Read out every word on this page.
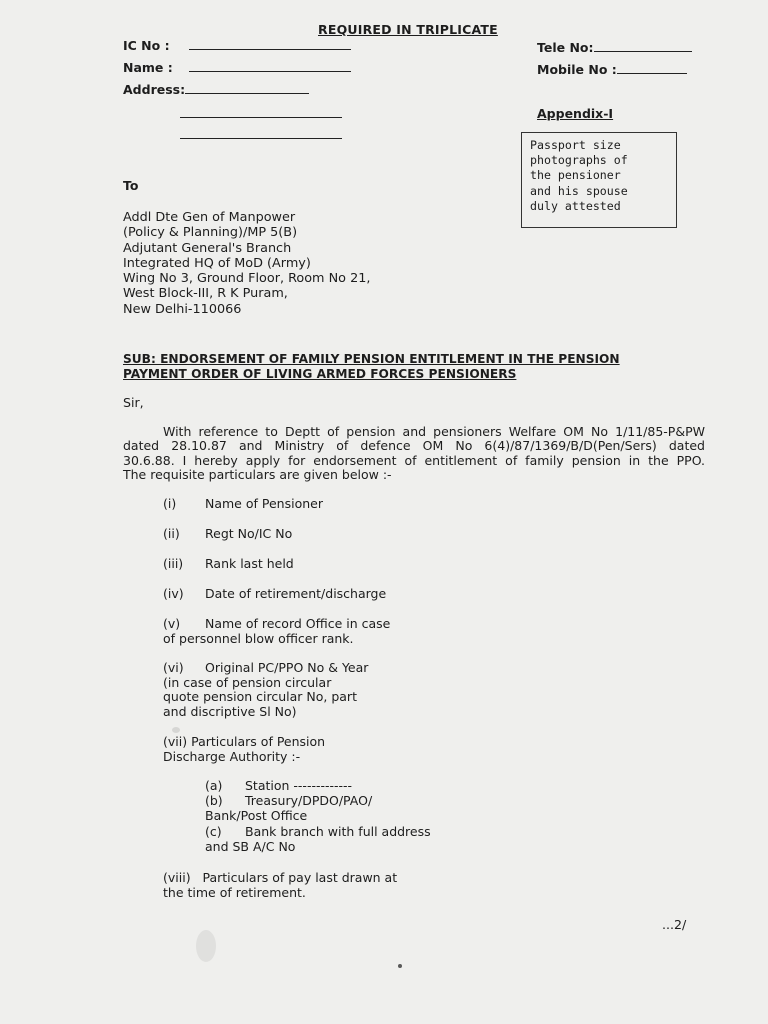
REQUIRED IN TRIPLICATE
IC No :
Name :
Address:
Tele No:
Mobile No :
Appendix-I
Passport size
photographs of
the pensioner
and his spouse
duly attested
To
Addl Dte Gen of Manpower
(Policy & Planning)/MP 5(B)
Adjutant General's Branch
Integrated HQ of MoD (Army)
Wing No 3, Ground Floor, Room No 21,
West Block-III, R K Puram,
New Delhi-110066
SUB: ENDORSEMENT OF FAMILY PENSION ENTITLEMENT IN THE PENSION
PAYMENT ORDER OF LIVING ARMED FORCES PENSIONERS
Sir,
With reference to Deptt of pension and pensioners Welfare OM No 1/11/85-P&PW
dated 28.10.87 and Ministry of defence OM No 6(4)/87/1369/B/D(Pen/Sers) dated
30.6.88. I hereby apply for endorsement of entitlement of family pension in the PPO.
The requisite particulars are given below :-
(i) Name of Pensioner
(ii) Regt No/IC No
(iii) Rank last held
(iv) Date of retirement/discharge
(v) Name of record Office in case
of personnel blow officer rank.
(vi) Original PC/PPO No & Year
(in case of pension circular
quote pension circular No, part
and discriptive Sl No)
(vii) Particulars of Pension
Discharge Authority :-
(a) Station -------------
(b) Treasury/DPDO/PAO/
Bank/Post Office
(c) Bank branch with full address
and SB A/C No
(viii) Particulars of pay last drawn at
the time of retirement.
...2/
